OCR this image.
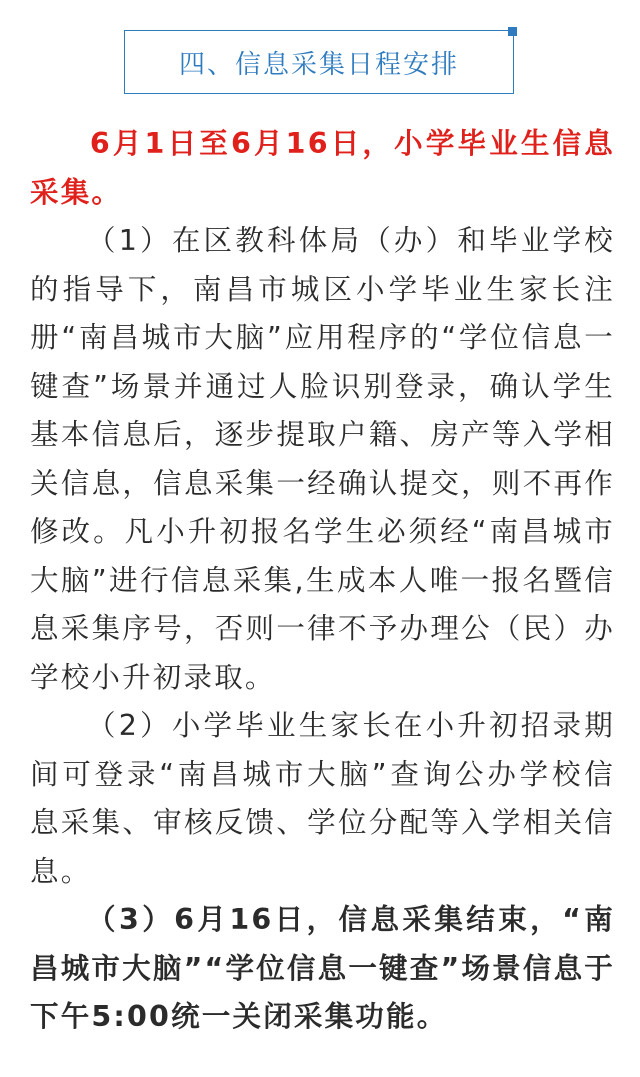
四、信息采集日程安排

6月1日至6月16日，小学毕业生信息采集。

（1）在区教科体局（办）和毕业学校的指导下，南昌市城区小学毕业生家长注册“南昌城市大脑”应用程序的“学位信息一键查”场景并通过人脸识别登录，确认学生基本信息后，逐步提取户籍、房产等入学相关信息，信息采集一经确认提交，则不再作修改。凡小升初报名学生必须经“南昌城市大脑”进行信息采集,生成本人唯一报名暨信息采集序号，否则一律不予办理公（民）办学校小升初录取。

（2）小学毕业生家长在小升初招录期间可登录“南昌城市大脑”查询公办学校信息采集、审核反馈、学位分配等入学相关信息。

（3）6月16日，信息采集结束，“南昌城市大脑”“学位信息一键查”场景信息于下午5:00统一关闭采集功能。
